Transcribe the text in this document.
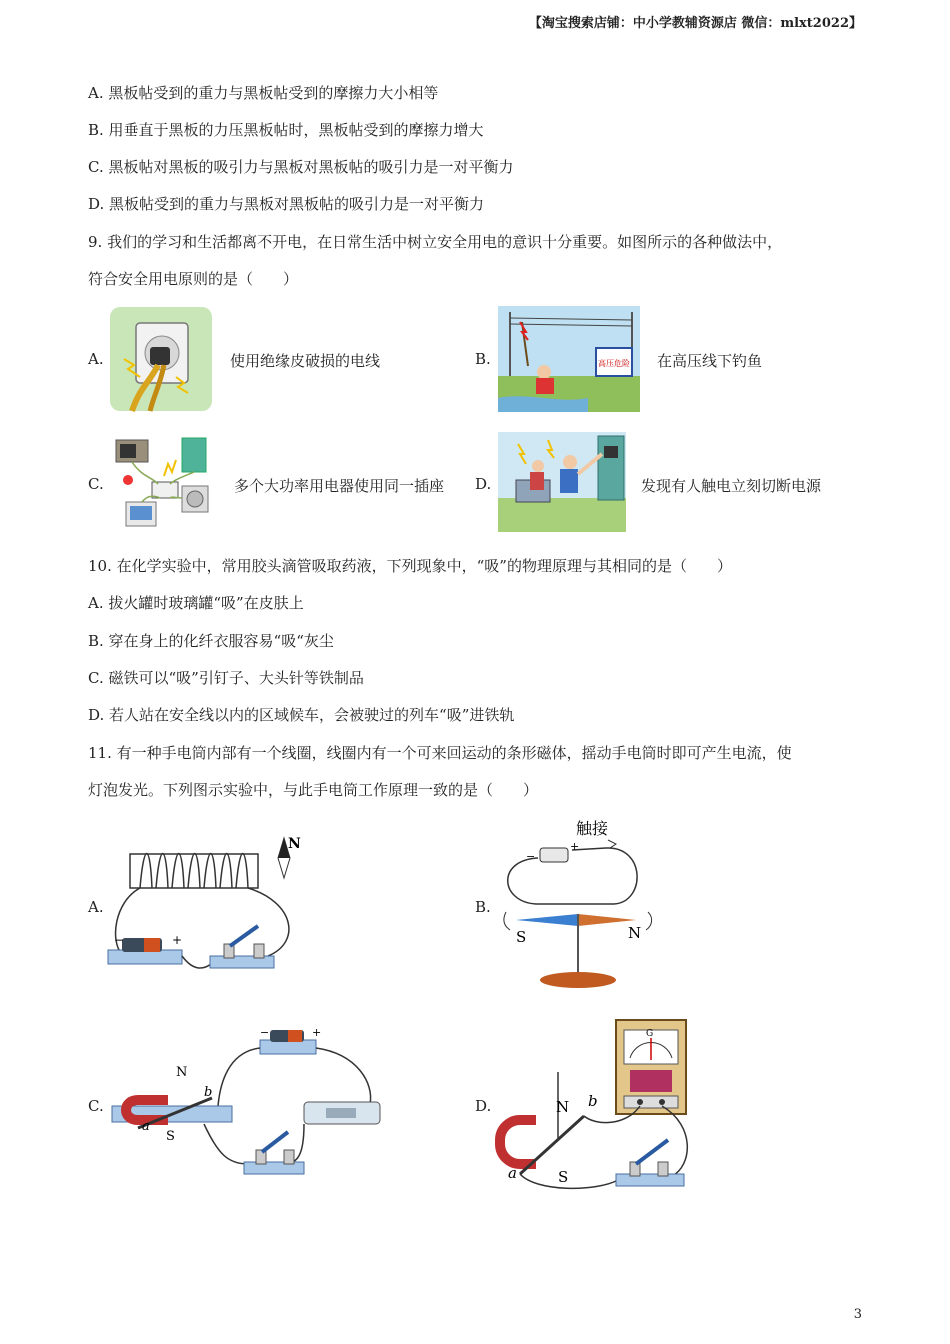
【淘宝搜索店铺：中小学教辅资源店 微信：mlxt2022】
A. 黑板帖受到的重力与黑板帖受到的摩擦力大小相等
B. 用垂直于黑板的力压黑板帖时，黑板帖受到的摩擦力增大
C. 黑板帖对黑板的吸引力与黑板对黑板帖的吸引力是一对平衡力
D. 黑板帖受到的重力与黑板对黑板帖的吸引力是一对平衡力
9. 我们的学习和生活都离不开电，在日常生活中树立安全用电的意识十分重要。如图所示的各种做法中，
符合安全用电原则的是（　　）
A.	使用绝缘皮破损的电线	B.	高压危险 在高压线下钓鱼
C.	多个大功率用电器使用同一插座 D.	发现有人触电立刻切断电源
10. 在化学实验中，常用胶头滴管吸取药液，下列现象中，“吸”的物理原理与其相同的是（　　）
A. 拔火罐时玻璃罐“吸”在皮肤上
B. 穿在身上的化纤衣服容易“吸“灰尘
C. 磁铁可以“吸”引钉子、大头针等铁制品
D. 若人站在安全线以内的区域候车，会被驶过的列车“吸”进铁轨
11. 有一种手电筒内部有一个线圈，线圈内有一个可来回运动的条形磁体，摇动手电筒时即可产生电流，使
灯泡发光。下列图示实验中，与此手电筒工作原理一致的是（　　）
A.
N
−	+
B.
触接
−
+
S	N
C.
−	+
N
S
a
b
D.
G
N
S
a
b
3
